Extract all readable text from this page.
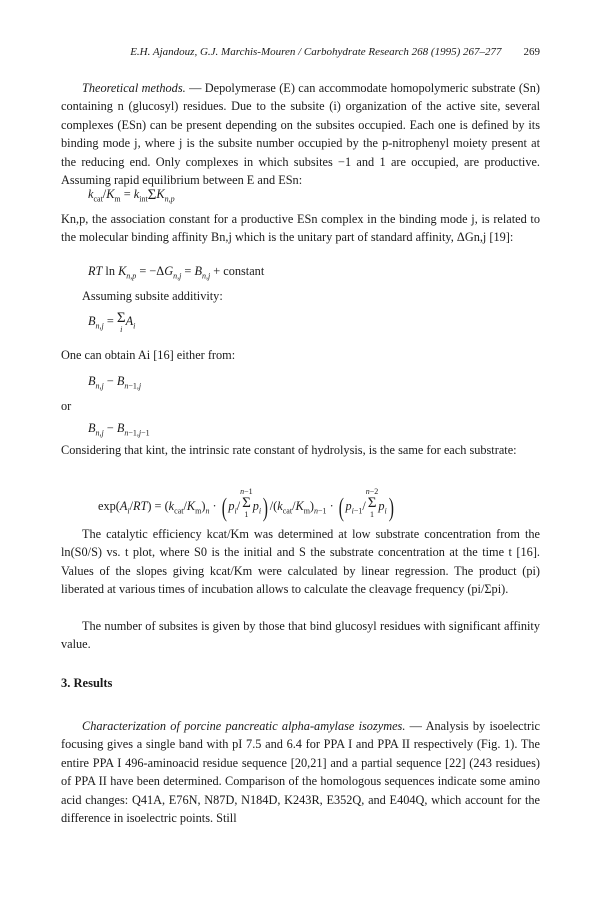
E.H. Ajandouz, G.J. Marchis-Mouren / Carbohydrate Research 268 (1995) 267–277 269

Theoretical methods. — Depolymerase (E) can accommodate homopolymeric substrate (Sn) containing n (glucosyl) residues. Due to the subsite (i) organization of the active site, several complexes (ESn) can be present depending on the subsites occupied. Each one is defined by its binding mode j, where j is the subsite number occupied by the p-nitrophenyl moiety present at the reducing end. Only complexes in which subsites −1 and 1 are occupied, are productive. Assuming rapid equilibrium between E and ESn:

$k_{cat}/K_m = k_{int}\Sigma K_{n,p}$

Kn,p, the association constant for a productive ESn complex in the binding mode j, is related to the molecular binding affinity Bn,j which is the unitary part of standard affinity, ΔGn,j [19]:

RT $\ln K_{n,p} = -\Delta G_{n,j} = B_{n,j}$ + constant

Assuming subsite additivity:

$B_{n,j} = \Sigma$
i
$A_i$

One can obtain Ai [16] either from:

$B_{n,j} - B_{n-1,j}$

or

$B_{n,j} - B_{n-1,j-1}$

Considering that kint, the intrinsic rate constant of hydrolysis, is the same for each substrate:

$\exp(A_i/RT) = (k_{cat}/K_m)_n$ · ( $p_i/$
n−1
Σ
1
$p_i$) $/(k_{cat}/K_m)_{n-1}$ · ( $p_{i-1}/$
n−2
Σ
1
$p_i$)

The catalytic efficiency kcat/Km was determined at low substrate concentration from the ln(S0/S) vs. t plot, where S0 is the initial and S the substrate concentration at the time t [16]. Values of the slopes giving kcat/Km were calculated by linear regression. The product (pi) liberated at various times of incubation allows to calculate the cleavage frequency (pi/Σpi).

The number of subsites is given by those that bind glucosyl residues with significant affinity value.

3. Results

Characterization of porcine pancreatic alpha-amylase isozymes. — Analysis by isoelectric focusing gives a single band with pI 7.5 and 6.4 for PPA I and PPA II respectively (Fig. 1). The entire PPA I 496-aminoacid residue sequence [20,21] and a partial sequence [22] (243 residues) of PPA II have been determined. Comparison of the homologous sequences indicate some amino acid changes: Q41A, E76N, N87D, N184D, K243R, E352Q, and E404Q, which account for the difference in isoelectric points. Still
